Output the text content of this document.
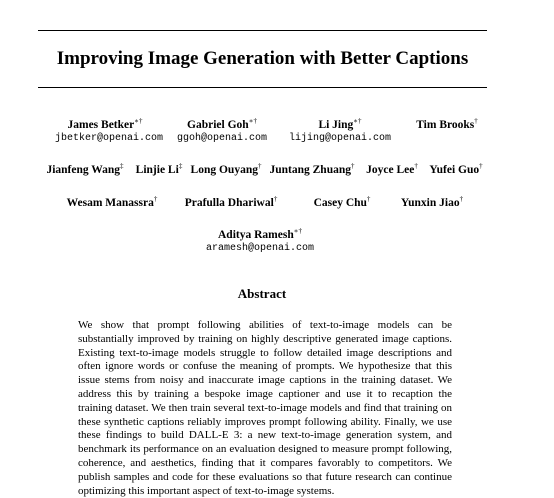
Improving Image Generation with Better Captions
James Betker∗†
jbetker@openai.com
Gabriel Goh∗†
ggoh@openai.com
Li Jing∗†
lijing@openai.com
Tim Brooks†
Jianfeng Wang‡	Linjie Li‡ Long Ouyang† Juntang Zhuang†	Joyce Lee†	Yufei Guo†
Wesam Manassra†	Prafulla Dhariwal†	Casey Chu†	Yunxin Jiao†
Aditya Ramesh∗†
aramesh@openai.com
Abstract
We show that prompt following abilities of text-to-image models can be substantially improved by training on highly descriptive generated image captions. Existing text-to-image models struggle to follow detailed image descriptions and often ignore words or confuse the meaning of prompts. We hypothesize that this issue stems from noisy and inaccurate image captions in the training dataset. We address this by training a bespoke image captioner and use it to recaption the training dataset. We then train several text-to-image models and find that training on these synthetic captions reliably improves prompt following ability. Finally, we use these findings to build DALL-E 3: a new text-to-image generation system, and benchmark its performance on an evaluation designed to measure prompt following, coherence, and aesthetics, finding that it compares favorably to competitors. We publish samples and code for these evaluations so that future research can continue optimizing this important aspect of text-to-image systems.
